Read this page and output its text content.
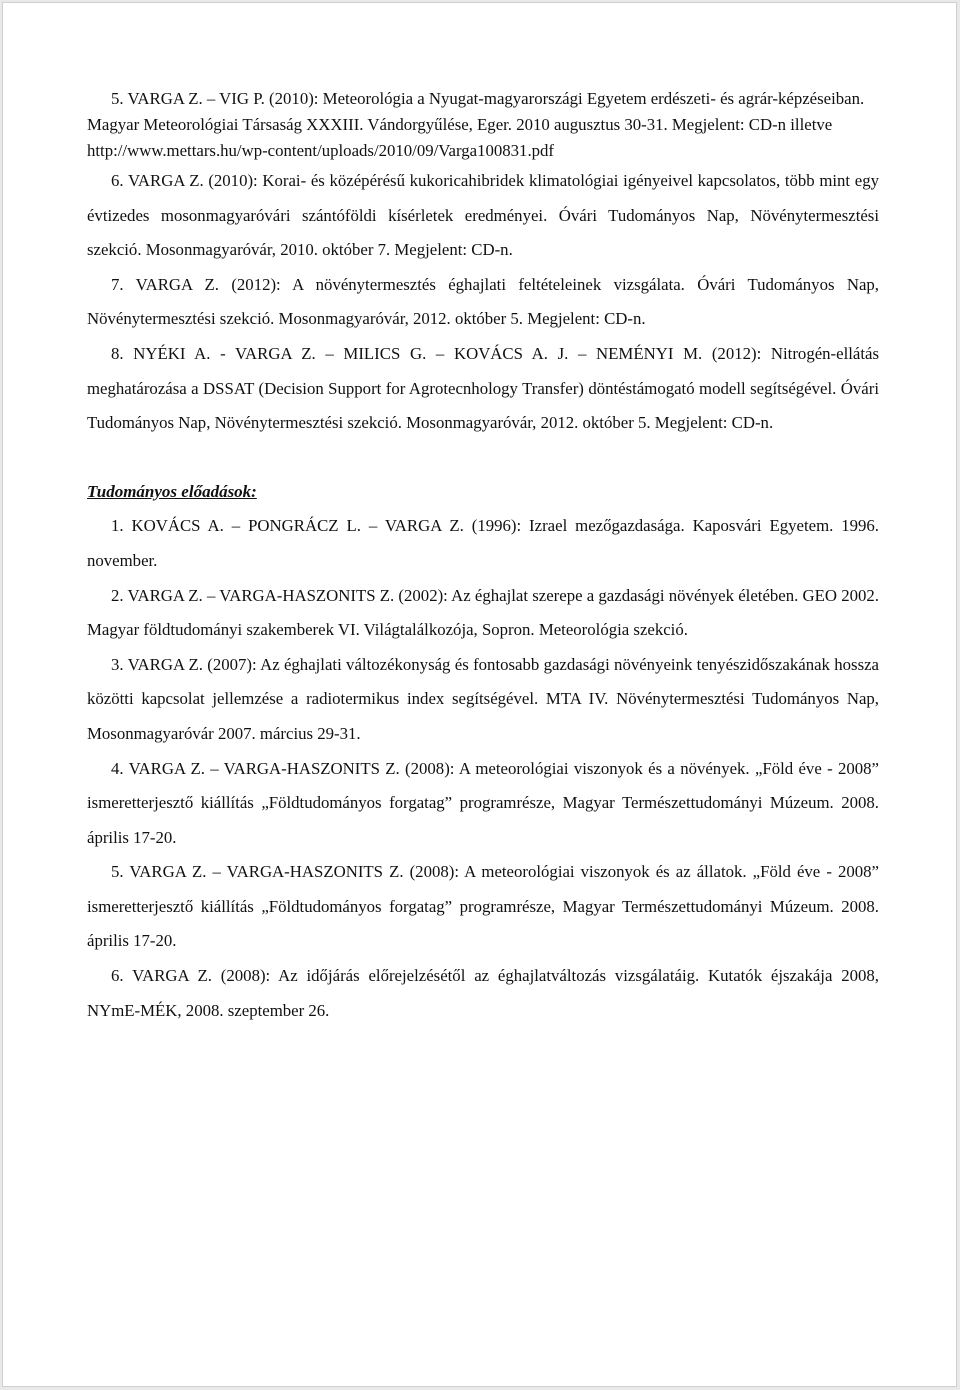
5. VARGA Z. – VIG P. (2010): Meteorológia a Nyugat-magyarországi Egyetem erdészeti- és agrár-képzéseiban. Magyar Meteorológiai Társaság XXXIII. Vándorgyűlése, Eger. 2010 augusztus 30-31. Megjelent: CD-n illetve http://www.mettars.hu/wp-content/uploads/2010/09/Varga100831.pdf

6. VARGA Z. (2010): Korai- és középérésű kukoricahibridek klimatológiai igényeivel kapcsolatos, több mint egy évtizedes mosonmagyaróvári szántóföldi kísérletek eredményei. Óvári Tudományos Nap, Növénytermesztési szekció. Mosonmagyaróvár, 2010. október 7. Megjelent: CD-n.

7. VARGA Z. (2012): A növénytermesztés éghajlati feltételeinek vizsgálata. Óvári Tudományos Nap, Növénytermesztési szekció. Mosonmagyaróvár, 2012. október 5. Megjelent: CD-n.

8. NYÉKI A. - VARGA Z. – MILICS G. – KOVÁCS A. J. – NEMÉNYI M. (2012): Nitrogén-ellátás meghatározása a DSSAT (Decision Support for Agrotecnhology Transfer) döntéstámogató modell segítségével. Óvári Tudományos Nap, Növénytermesztési szekció. Mosonmagyaróvár, 2012. október 5. Megjelent: CD-n.

Tudományos előadások:

1. KOVÁCS A. – PONGRÁCZ L. – VARGA Z. (1996): Izrael mezőgazdasága. Kaposvári Egyetem. 1996. november.

2. VARGA Z. – VARGA-HASZONITS Z. (2002): Az éghajlat szerepe a gazdasági növények életében. GEO 2002. Magyar földtudományi szakemberek VI. Világtalálkozója, Sopron. Meteorológia szekció.

3. VARGA Z. (2007): Az éghajlati változékonyság és fontosabb gazdasági növényeink tenyészidőszakának hossza közötti kapcsolat jellemzése a radiotermikus index segítségével. MTA IV. Növénytermesztési Tudományos Nap, Mosonmagyaróvár 2007. március 29-31.

4. VARGA Z. – VARGA-HASZONITS Z. (2008): A meteorológiai viszonyok és a növények. „Föld éve - 2008” ismeretterjesztő kiállítás „Földtudományos forgatag” programrésze, Magyar Természettudományi Múzeum. 2008. április 17-20.

5. VARGA Z. – VARGA-HASZONITS Z. (2008): A meteorológiai viszonyok és az állatok. „Föld éve - 2008” ismeretterjesztő kiállítás „Földtudományos forgatag” programrésze, Magyar Természettudományi Múzeum. 2008. április 17-20.

6. VARGA Z. (2008): Az időjárás előrejelzésétől az éghajlatváltozás vizsgálatáig. Kutatók éjszakája 2008, NYmE-MÉK, 2008. szeptember 26.
